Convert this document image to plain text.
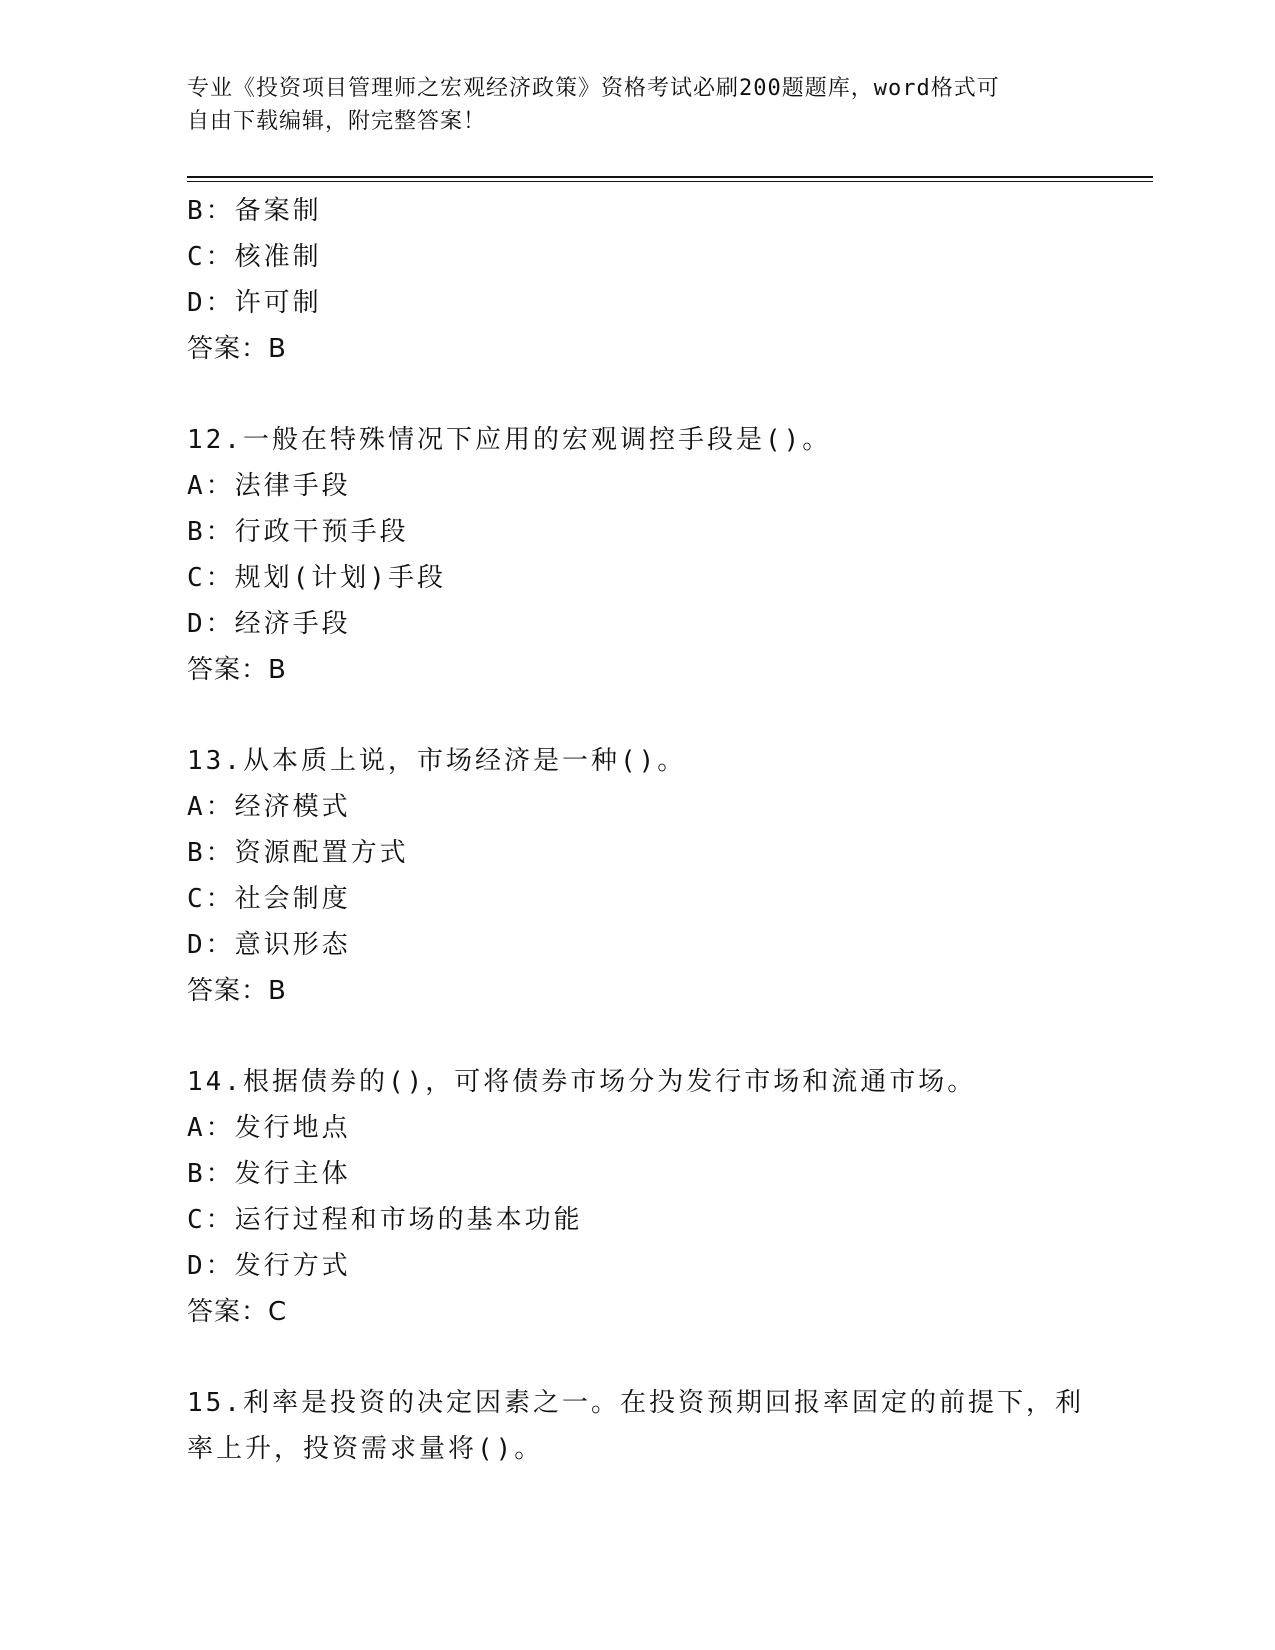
专业《投资项目管理师之宏观经济政策》资格考试必刷200题题库，word格式可
自由下载编辑，附完整答案！
B：备案制
C：核准制
D：许可制
答案：B
12.一般在特殊情况下应用的宏观调控手段是()。
A：法律手段
B：行政干预手段
C：规划(计划)手段
D：经济手段
答案：B
13.从本质上说，市场经济是一种()。
A：经济模式
B：资源配置方式
C：社会制度
D：意识形态
答案：B
14.根据债券的()，可将债券市场分为发行市场和流通市场。
A：发行地点
B：发行主体
C：运行过程和市场的基本功能
D：发行方式
答案：C
15.利率是投资的决定因素之一。在投资预期回报率固定的前提下，利
率上升，投资需求量将()。
